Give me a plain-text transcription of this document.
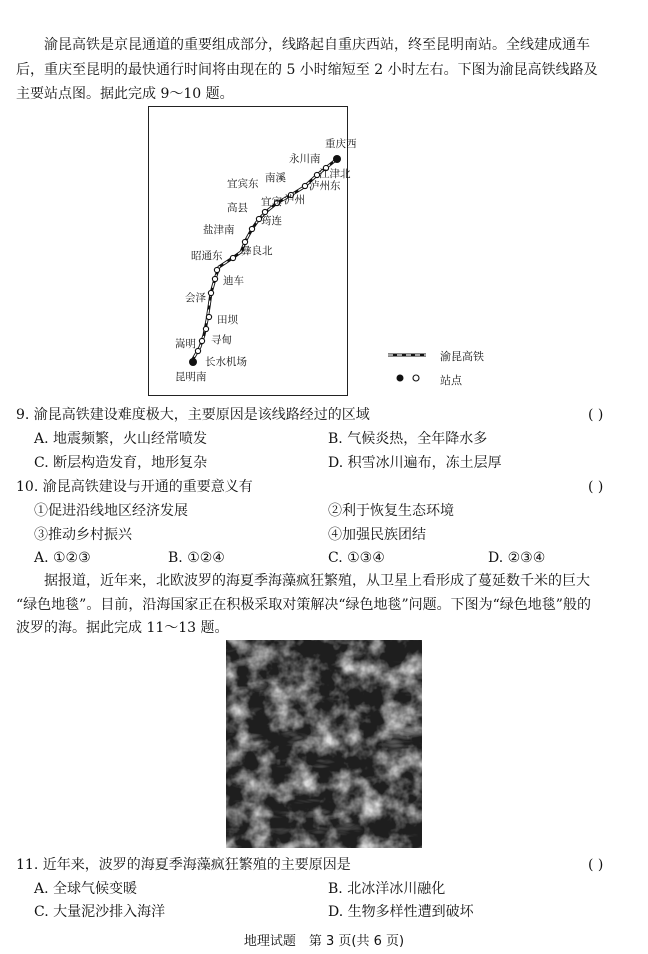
渝昆高铁是京昆通道的重要组成部分，线路起自重庆西站，终至昆明南站。全线建成通车
后，重庆至昆明的最快通行时间将由现在的 5 小时缩短至 2 小时左右。下图为渝昆高铁线路及
主要站点图。据此完成 9～10 题。
重庆西
永川南
江津北
泸州东
泸州
宜宾东 南溪
宜宾
高县
筠连
盐津南
彝良北
昭通东
迪车
会泽
田坝
嵩明 寻甸
长水机场
昆明南
渝昆高铁
站点
9. 渝昆高铁建设难度极大，主要原因是该线路经过的区域	( )
A. 地震频繁，火山经常喷发	B. 气候炎热，全年降水多
C. 断层构造发育，地形复杂	D. 积雪冰川遍布，冻土层厚
10. 渝昆高铁建设与开通的重要意义有	( )
①促进沿线地区经济发展	②利于恢复生态环境
③推动乡村振兴	④加强民族团结
A. ①②③	B. ①②④	C. ①③④	D. ②③④
据报道，近年来，北欧波罗的海夏季海藻疯狂繁殖，从卫星上看形成了蔓延数千米的巨大
“绿色地毯”。目前，沿海国家正在积极采取对策解决“绿色地毯”问题。下图为“绿色地毯”般的
波罗的海。据此完成 11～13 题。
11. 近年来，波罗的海夏季海藻疯狂繁殖的主要原因是	( )
A. 全球气候变暖	B. 北冰洋冰川融化
C. 大量泥沙排入海洋	D. 生物多样性遭到破坏
地理试题　第 3 页(共 6 页)
